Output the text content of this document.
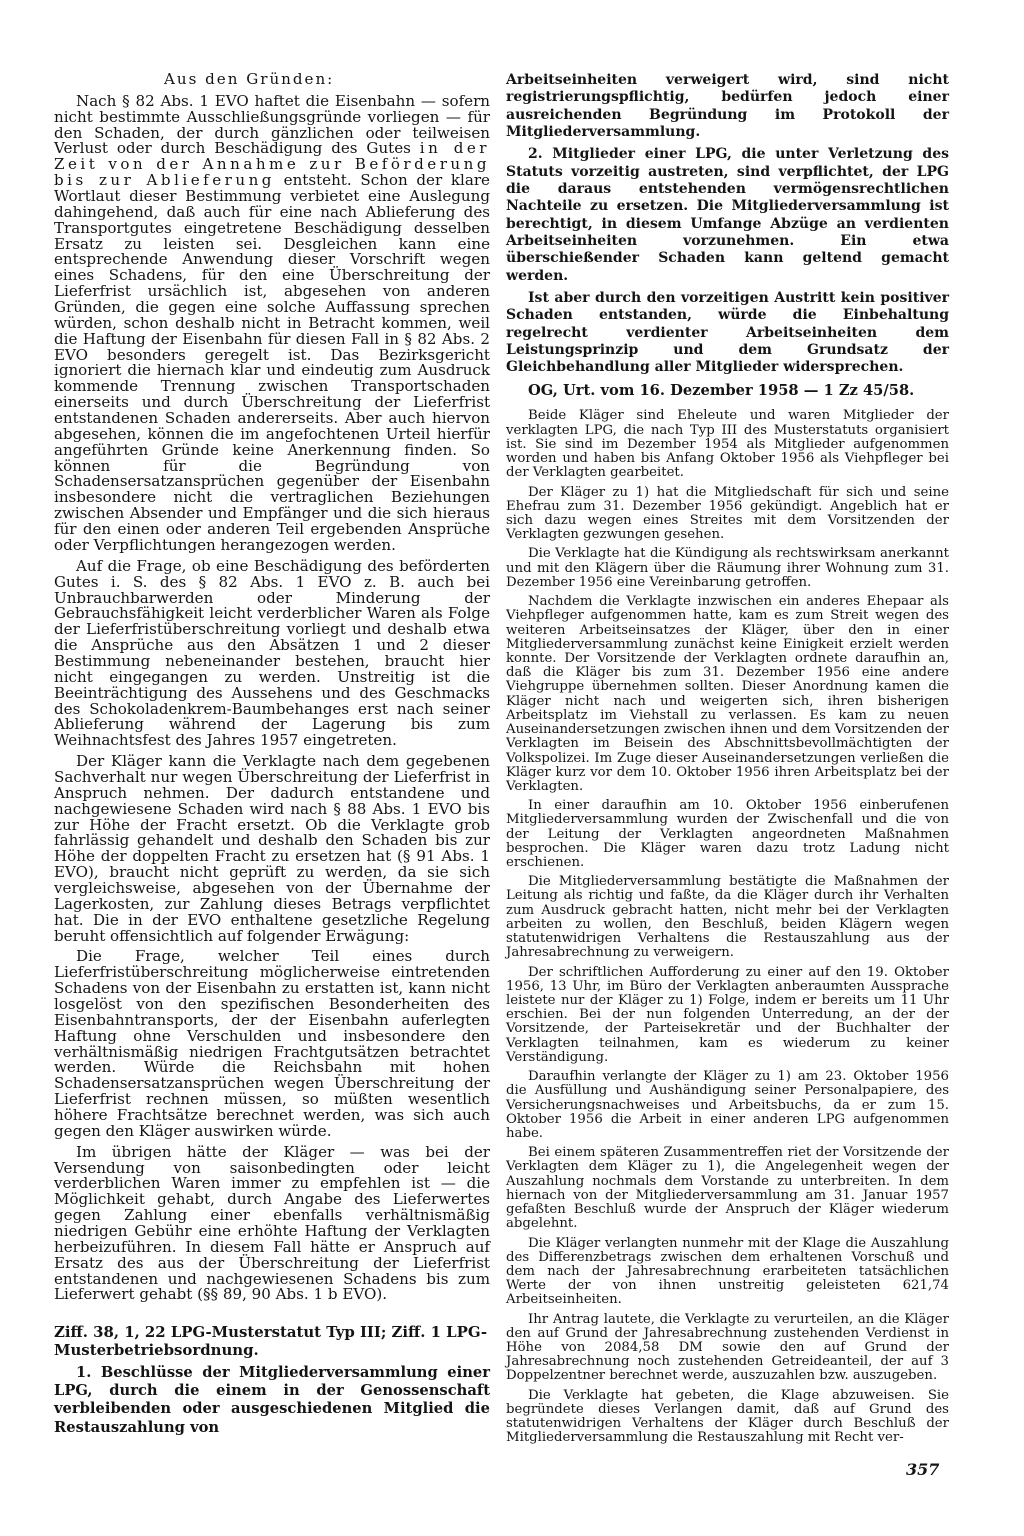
Aus den Gründen:

Nach § 82 Abs. 1 EVO haftet die Eisenbahn — sofern nicht bestimmte Ausschließungsgründe vorliegen — für den Schaden, der durch gänzlichen oder teilweisen Verlust oder durch Beschädigung des Gutes in der Zeit von der Annahme zur Beförderung bis zur Ablieferung entsteht. Schon der klare Wortlaut dieser Bestimmung verbietet eine Auslegung dahingehend, daß auch für eine nach Ablieferung des Transportgutes eingetretene Beschädigung desselben Ersatz zu leisten sei. Desgleichen kann eine entsprechende Anwendung dieser Vorschrift wegen eines Schadens, für den eine Überschreitung der Lieferfrist ursächlich ist, abgesehen von anderen Gründen, die gegen eine solche Auffassung sprechen würden, schon deshalb nicht in Betracht kommen, weil die Haftung der Eisenbahn für diesen Fall in § 82 Abs. 2 EVO besonders geregelt ist. Das Bezirksgericht ignoriert die hiernach klar und eindeutig zum Ausdruck kommende Trennung zwischen Transportschaden einerseits und durch Überschreitung der Lieferfrist entstandenen Schaden andererseits. Aber auch hiervon abgesehen, können die im angefochtenen Urteil hierfür angeführten Gründe keine Anerkennung finden. So können für die Begründung von Schadensersatzansprüchen gegenüber der Eisenbahn insbesondere nicht die vertraglichen Beziehungen zwischen Absender und Empfänger und die sich hieraus für den einen oder anderen Teil ergebenden Ansprüche oder Verpflichtungen herangezogen werden.

Auf die Frage, ob eine Beschädigung des beförderten Gutes i. S. des § 82 Abs. 1 EVO z. B. auch bei Unbrauchbarwerden oder Minderung der Gebrauchsfähigkeit leicht verderblicher Waren als Folge der Lieferfristüberschreitung vorliegt und deshalb etwa die Ansprüche aus den Absätzen 1 und 2 dieser Bestimmung nebeneinander bestehen, braucht hier nicht eingegangen zu werden. Unstreitig ist die Beeinträchtigung des Aussehens und des Geschmacks des Schokoladenkrem-Baumbehanges erst nach seiner Ablieferung während der Lagerung bis zum Weihnachtsfest des Jahres 1957 eingetreten.

Der Kläger kann die Verklagte nach dem gegebenen Sachverhalt nur wegen Überschreitung der Lieferfrist in Anspruch nehmen. Der dadurch entstandene und nachgewiesene Schaden wird nach § 88 Abs. 1 EVO bis zur Höhe der Fracht ersetzt. Ob die Verklagte grob fahrlässig gehandelt und deshalb den Schaden bis zur Höhe der doppelten Fracht zu ersetzen hat (§ 91 Abs. 1 EVO), braucht nicht geprüft zu werden, da sie sich vergleichsweise, abgesehen von der Übernahme der Lagerkosten, zur Zahlung dieses Betrags verpflichtet hat. Die in der EVO enthaltene gesetzliche Regelung beruht offensichtlich auf folgender Erwägung:

Die Frage, welcher Teil eines durch Lieferfristüberschreitung möglicherweise eintretenden Schadens von der Eisenbahn zu erstatten ist, kann nicht losgelöst von den spezifischen Besonderheiten des Eisenbahntransports, der der Eisenbahn auferlegten Haftung ohne Verschulden und insbesondere den verhältnismäßig niedrigen Frachtgutsätzen betrachtet werden. Würde die Reichsbahn mit hohen Schadensersatzansprüchen wegen Überschreitung der Lieferfrist rechnen müssen, so müßten wesentlich höhere Frachtsätze berechnet werden, was sich auch gegen den Kläger auswirken würde.

Im übrigen hätte der Kläger — was bei der Versendung von saisonbedingten oder leicht verderblichen Waren immer zu empfehlen ist — die Möglichkeit gehabt, durch Angabe des Lieferwertes gegen Zahlung einer ebenfalls verhältnismäßig niedrigen Gebühr eine erhöhte Haftung der Verklagten herbeizuführen. In diesem Fall hätte er Anspruch auf Ersatz des aus der Überschreitung der Lieferfrist entstandenen und nachgewiesenen Schadens bis zum Lieferwert gehabt (§§ 89, 90 Abs. 1 b EVO).

Ziff. 38, 1, 22 LPG-Musterstatut Typ III; Ziff. 1 LPG-Musterbetriebsordnung.

1. Beschlüsse der Mitgliederversammlung einer LPG, durch die einem in der Genossenschaft verbleibenden oder ausgeschiedenen Mitglied die Restauszahlung von

Arbeitseinheiten verweigert wird, sind nicht registrierungspflichtig, bedürfen jedoch einer ausreichenden Begründung im Protokoll der Mitgliederversammlung.

2. Mitglieder einer LPG, die unter Verletzung des Statuts vorzeitig austreten, sind verpflichtet, der LPG die daraus entstehenden vermögensrechtlichen Nachteile zu ersetzen. Die Mitgliederversammlung ist berechtigt, in diesem Umfange Abzüge an verdienten Arbeitseinheiten vorzunehmen. Ein etwa überschießender Schaden kann geltend gemacht werden.

Ist aber durch den vorzeitigen Austritt kein positiver Schaden entstanden, würde die Einbehaltung regelrecht verdienter Arbeitseinheiten dem Leistungsprinzip und dem Grundsatz der Gleichbehandlung aller Mitglieder widersprechen.

OG, Urt. vom 16. Dezember 1958 — 1 Zz 45/58.

Beide Kläger sind Eheleute und waren Mitglieder der verklagten LPG, die nach Typ III des Musterstatuts organisiert ist. Sie sind im Dezember 1954 als Mitglieder aufgenommen worden und haben bis Anfang Oktober 1956 als Viehpfleger bei der Verklagten gearbeitet.

Der Kläger zu 1) hat die Mitgliedschaft für sich und seine Ehefrau zum 31. Dezember 1956 gekündigt. Angeblich hat er sich dazu wegen eines Streites mit dem Vorsitzenden der Verklagten gezwungen gesehen.

Die Verklagte hat die Kündigung als rechtswirksam anerkannt und mit den Klägern über die Räumung ihrer Wohnung zum 31. Dezember 1956 eine Vereinbarung getroffen.

Nachdem die Verklagte inzwischen ein anderes Ehepaar als Viehpfleger aufgenommen hatte, kam es zum Streit wegen des weiteren Arbeitseinsatzes der Kläger, über den in einer Mitgliederversammlung zunächst keine Einigkeit erzielt werden konnte. Der Vorsitzende der Verklagten ordnete daraufhin an, daß die Kläger bis zum 31. Dezember 1956 eine andere Viehgruppe übernehmen sollten. Dieser Anordnung kamen die Kläger nicht nach und weigerten sich, ihren bisherigen Arbeitsplatz im Viehstall zu verlassen. Es kam zu neuen Auseinandersetzungen zwischen ihnen und dem Vorsitzenden der Verklagten im Beisein des Abschnittsbevollmächtigten der Volkspolizei. Im Zuge dieser Auseinandersetzungen verließen die Kläger kurz vor dem 10. Oktober 1956 ihren Arbeitsplatz bei der Verklagten.

In einer daraufhin am 10. Oktober 1956 einberufenen Mitgliederversammlung wurden der Zwischenfall und die von der Leitung der Verklagten angeordneten Maßnahmen besprochen. Die Kläger waren dazu trotz Ladung nicht erschienen.

Die Mitgliederversammlung bestätigte die Maßnahmen der Leitung als richtig und faßte, da die Kläger durch ihr Verhalten zum Ausdruck gebracht hatten, nicht mehr bei der Verklagten arbeiten zu wollen, den Beschluß, beiden Klägern wegen statutenwidrigen Verhaltens die Restauszahlung aus der Jahresabrechnung zu verweigern.

Der schriftlichen Aufforderung zu einer auf den 19. Oktober 1956, 13 Uhr, im Büro der Verklagten anberaumten Aussprache leistete nur der Kläger zu 1) Folge, indem er bereits um 11 Uhr erschien. Bei der nun folgenden Unterredung, an der der Vorsitzende, der Parteisekretär und der Buchhalter der Verklagten teilnahmen, kam es wiederum zu keiner Verständigung.

Daraufhin verlangte der Kläger zu 1) am 23. Oktober 1956 die Ausfüllung und Aushändigung seiner Personalpapiere, des Versicherungsnachweises und Arbeitsbuchs, da er zum 15. Oktober 1956 die Arbeit in einer anderen LPG aufgenommen habe.

Bei einem späteren Zusammentreffen riet der Vorsitzende der Verklagten dem Kläger zu 1), die Angelegenheit wegen der Auszahlung nochmals dem Vorstande zu unterbreiten. In dem hiernach von der Mitgliederversammlung am 31. Januar 1957 gefaßten Beschluß wurde der Anspruch der Kläger wiederum abgelehnt.

Die Kläger verlangten nunmehr mit der Klage die Auszahlung des Differenzbetrags zwischen dem erhaltenen Vorschuß und dem nach der Jahresabrechnung erarbeiteten tatsächlichen Werte der von ihnen unstreitig geleisteten 621,74 Arbeitseinheiten.

Ihr Antrag lautete, die Verklagte zu verurteilen, an die Kläger den auf Grund der Jahresabrechnung zustehenden Verdienst in Höhe von 2084,58 DM sowie den auf Grund der Jahresabrechnung noch zustehenden Getreideanteil, der auf 3 Doppelzentner berechnet werde, auszuzahlen bzw. auszugeben.

Die Verklagte hat gebeten, die Klage abzuweisen. Sie begründete dieses Verlangen damit, daß auf Grund des statutenwidrigen Verhaltens der Kläger durch Beschluß der Mitgliederversammlung die Restauszahlung mit Recht ver-

357
